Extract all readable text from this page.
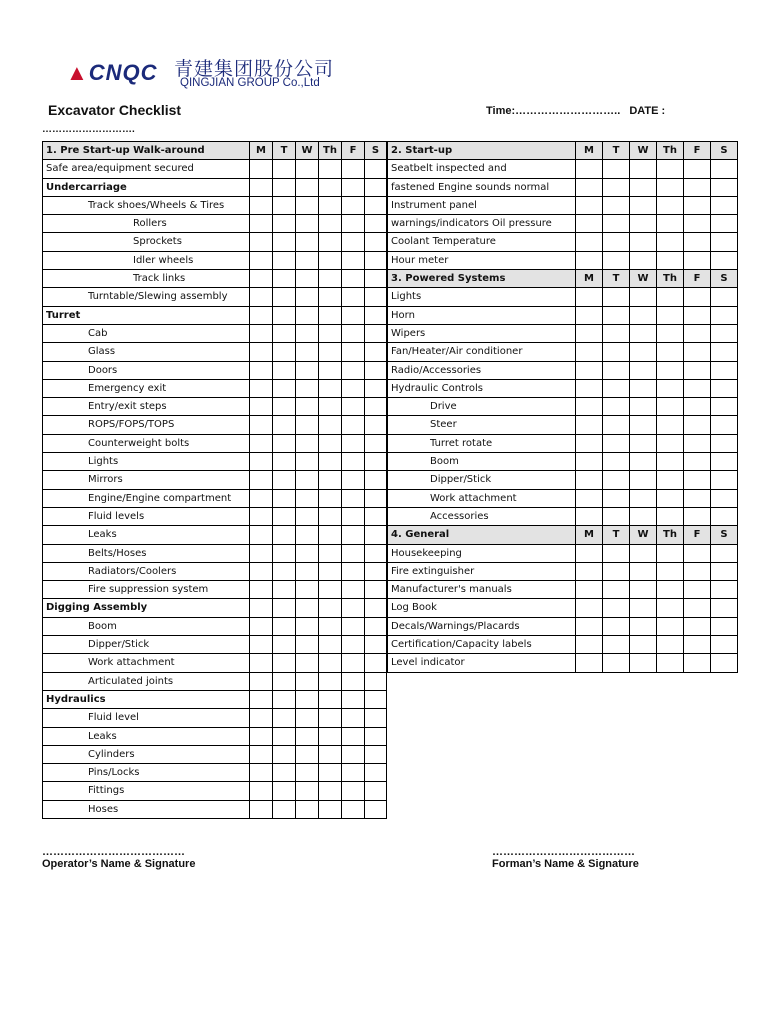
▲CNQC 青建集团股份公司
QINGJIAN GROUP Co.,Ltd
Excavator Checklist	Time:……………………….. DATE :
……………………….
1. Pre Start-up Walk-around	M	T	W	Th	F	S
Safe area/equipment secured						
Undercarriage						
Track shoes/Wheels & Tires						
Rollers						
Sprockets						
Idler wheels						
Track links						
Turntable/Slewing assembly						
Turret						
Cab						
Glass						
Doors						
Emergency exit						
Entry/exit steps						
ROPS/FOPS/TOPS						
Counterweight bolts						
Lights						
Mirrors						
Engine/Engine compartment						
Fluid levels						
Leaks						
Belts/Hoses						
Radiators/Coolers						
Fire suppression system						
Digging Assembly						
Boom						
Dipper/Stick						
Work attachment						
Articulated joints						
Hydraulics						
Fluid level						
Leaks						
Cylinders						
Pins/Locks						
Fittings						
Hoses						
2. Start-up	M	T	W	Th	F	S
Seatbelt inspected and						
fastened Engine sounds normal						
Instrument panel						
warnings/indicators Oil pressure						
Coolant Temperature						
Hour meter						
3. Powered Systems	M	T	W	Th	F	S
Lights						
Horn						
Wipers						
Fan/Heater/Air conditioner						
Radio/Accessories						
Hydraulic Controls						
Drive						
Steer						
Turret rotate						
Boom						
Dipper/Stick						
Work attachment						
Accessories						
4. General	M	T	W	Th	F	S
Housekeeping						
Fire extinguisher						
Manufacturer's manuals						
Log Book						
Decals/Warnings/Placards						
Certification/Capacity labels						
Level indicator						
…………………………………
Operator’s Name & Signature
…………………………………
Forman’s Name & Signature
